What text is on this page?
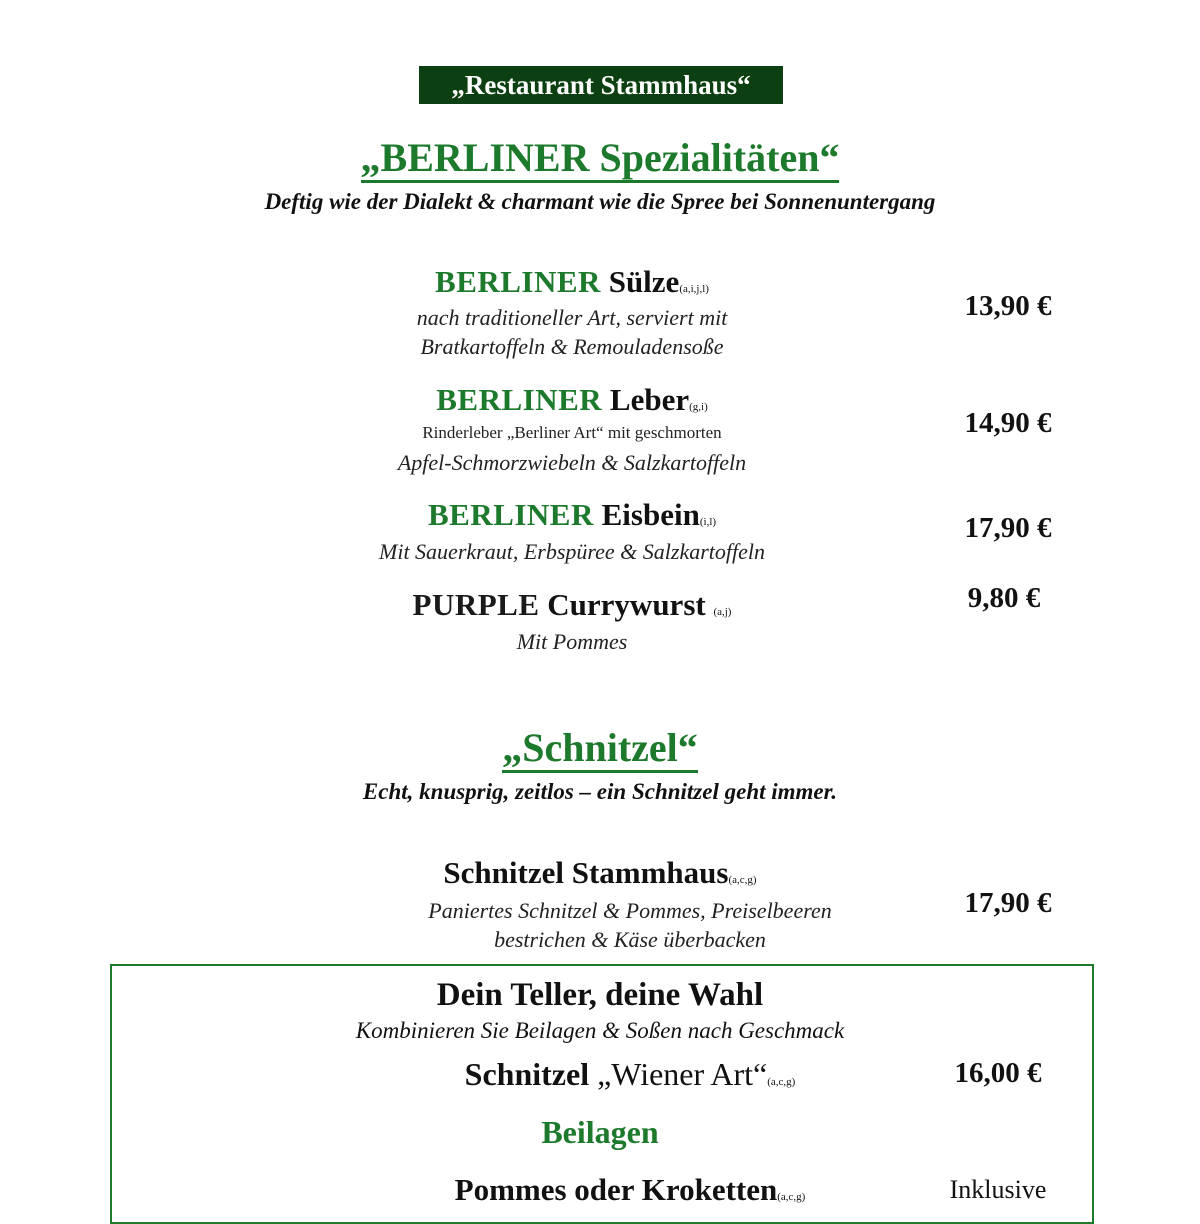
„Restaurant Stammhaus“
„BERLINER Spezialitäten“
Deftig wie der Dialekt & charmant wie die Spree bei Sonnenuntergang
BERLINER Sülze(a,i,j,l)
nach traditioneller Art, serviert mit
Bratkartoffeln & Remouladensoße
13,90 €
BERLINER Leber(g,i)
Rinderleber „Berliner Art“ mit geschmorten
Apfel-Schmorzwiebeln & Salzkartoffeln
14,90 €
BERLINER Eisbein(i,l)
Mit Sauerkraut, Erbspüree & Salzkartoffeln
17,90 €
PURPLE Currywurst (a,j)
Mit Pommes
9,80 €
„Schnitzel“
Echt, knusprig, zeitlos – ein Schnitzel geht immer.
Schnitzel Stammhaus(a,c,g)
Paniertes Schnitzel & Pommes, Preiselbeeren
bestrichen & Käse überbacken
17,90 €
Dein Teller, deine Wahl
Kombinieren Sie Beilagen & Soßen nach Geschmack
Schnitzel „Wiener Art“(a,c,g)	16,00 €
Beilagen
Pommes oder Kroketten(a,c,g)	Inklusive
